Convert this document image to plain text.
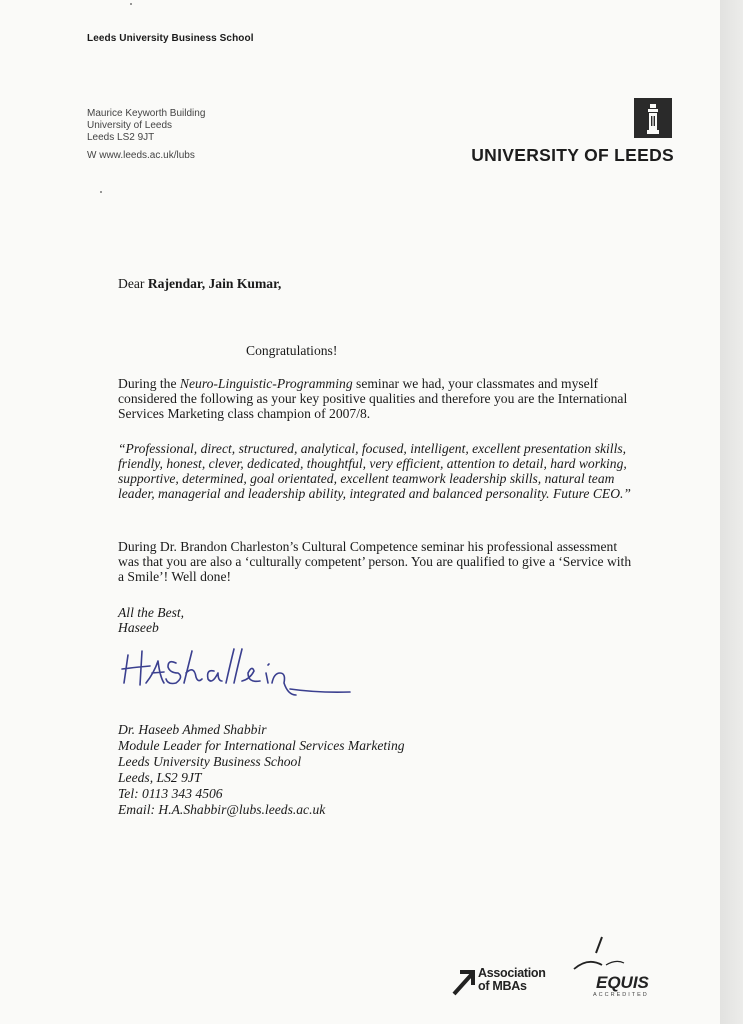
Leeds University Business School
Maurice Keyworth Building
University of Leeds
Leeds LS2 9JT
W www.leeds.ac.uk/lubs	UNIVERSITY OF LEEDS
Dear Rajendar, Jain Kumar,
Congratulations!
During the Neuro-Linguistic-Programming seminar we had, your classmates and myself considered the following as your key positive qualities and therefore you are the International Services Marketing class champion of 2007/8.
“Professional, direct, structured, analytical, focused, intelligent, excellent presentation skills, friendly, honest, clever, dedicated, thoughtful, very efficient, attention to detail, hard working, supportive, determined, goal orientated, excellent teamwork leadership skills, natural team leader, managerial and leadership ability, integrated and balanced personality. Future CEO.”
During Dr. Brandon Charleston’s Cultural Competence seminar his professional assessment was that you are also a ‘culturally competent’ person. You are qualified to give a ‘Service with a Smile’! Well done!
All the Best,
Haseeb
Dr. Haseeb Ahmed Shabbir
Module Leader for International Services Marketing
Leeds University Business School
Leeds, LS2 9JT
Tel: 0113 343 4506
Email: H.A.Shabbir@lubs.leeds.ac.uk
Association
of MBAs	EQUIS
ACCREDITED
